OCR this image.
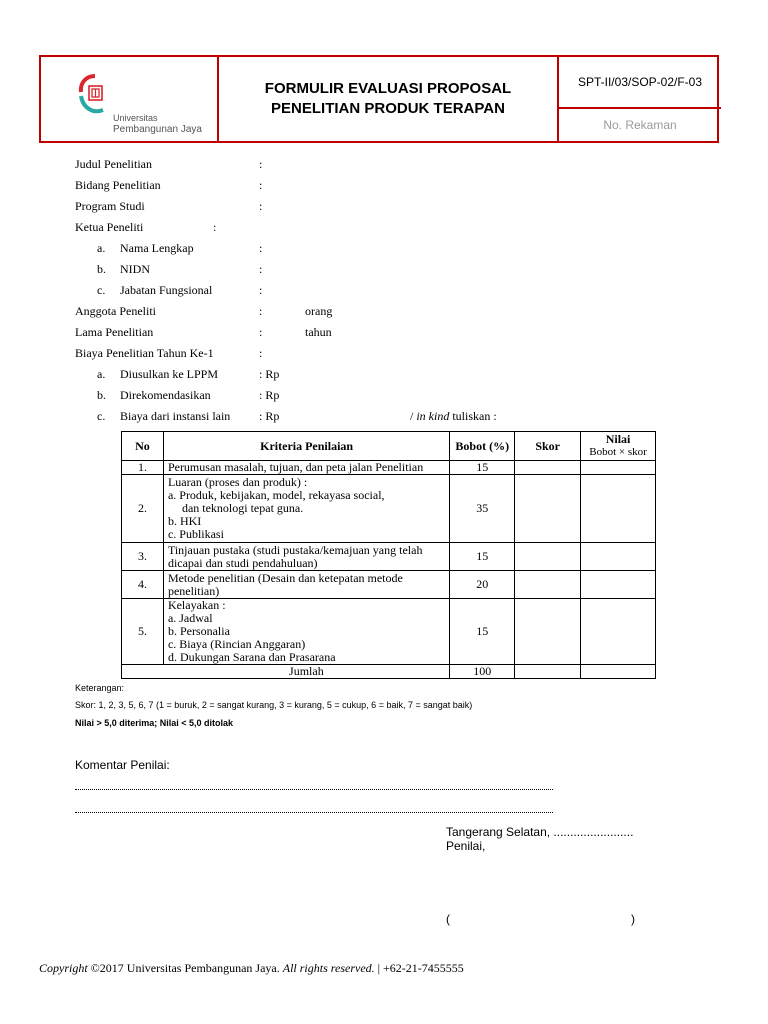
Universitas
Pembangunan Jaya
FORMULIR EVALUASI PROPOSAL
PENELITIAN PRODUK TERAPAN
SPT-II/03/SOP-02/F-03
No. Rekaman
Judul Penelitian	:
Bidang Penelitian	:
Program Studi	:
Ketua Peneliti	:
a. Nama Lengkap	:
b. NIDN	:
c. Jabatan Fungsional	:
Anggota Peneliti	:	orang
Lama Penelitian	:	tahun
Biaya Penelitian Tahun Ke-1	:
a. Diusulkan ke LPPM	: Rp
b. Direkomendasikan	: Rp
c. Biaya dari instansi lain : Rp	/ in kind tuliskan :
No	Kriteria Penilaian	Bobot (%)	Skor	Nilai
Bobot × skor

1.	Perumusan masalah, tujuan, dan peta jalan Penelitian	15		
2.	Luaran (proses dan produk) :
a. Produk, kebijakan, model, rekayasa social,
dan teknologi tepat guna.
b. HKI
c. Publikasi	35		
3.	Tinjauan pustaka (studi pustaka/kemajuan yang telah
dicapai dan studi pendahuluan)	15		
4.	Metode penelitian (Desain dan ketepatan metode
penelitian)	20		
5.	Kelayakan :
a. Jadwal
b. Personalia
c. Biaya (Rincian Anggaran)
d. Dukungan Sarana dan Prasarana	15		
	Jumlah	100		
Keterangan:
Skor: 1, 2, 3, 5, 6, 7 (1 = buruk, 2 = sangat kurang, 3 = kurang, 5 = cukup, 6 = baik, 7 = sangat baik)
Nilai > 5,0 diterima; Nilai < 5,0 ditolak
Komentar Penilai:
Tangerang Selatan, ........................
Penilai,
(	)
Copyright ©2017 Universitas Pembangunan Jaya. All rights reserved. | +62-21-7455555
